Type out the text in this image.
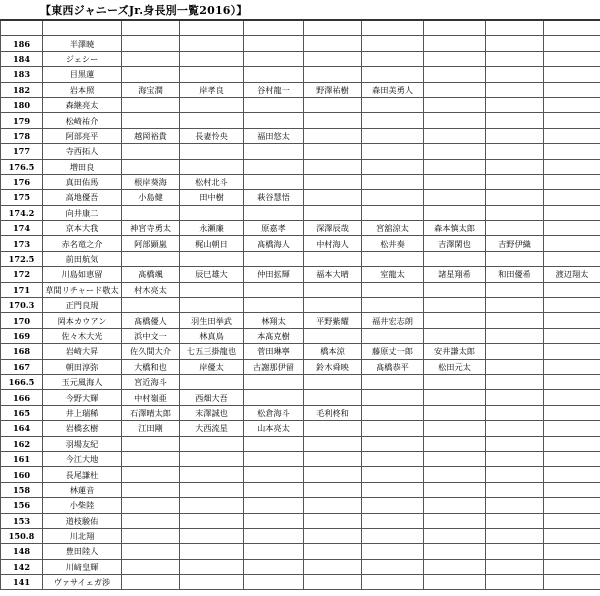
【東西ジャニーズJr.身長別一覧2016）】

186	半澤暁								
184	ジェシー								
183	目黒蓮								
182	岩本照	海宝潤	岸孝良	谷村龍一	野澤祐樹	森田美勇人			
180	森継亮太								
179	松崎祐介								
178	阿部亮平	越岡裕貴	長妻怜央	福田悠太					
177	寺西拓人								
176.5	増田良								
176	真田佑馬	根岸葵海	松村北斗						
175	高地優吾	小島健	田中樹	萩谷慧悟					
174.2	向井康二								
174	京本大我	神宮寺勇太	永瀬廉	原嘉孝	深澤辰哉	宮舘涼太	森本慎太郎		
173	赤名竜之介	阿部顕嵐	梶山朝日	髙橋海人	中村海人	松井奏	吉澤閑也	吉野伊織	
172.5	前田航気								
172	川島如恵留	髙橋颯	辰巳雄大	仲田拡輝	福本大晴	室龍太	諸星翔希	和田優希	渡辺翔太
171	草間リチャード敬太	村木亮太							
170.3	正門良規								
170	岡本カウアン	髙橋優人	羽生田挙武	林翔太	平野紫耀	福井宏志朗			
169	佐々木大光	浜中文一	林真鳥	本髙克樹					
168	岩崎大昇	佐久間大介	七五三掛龍也	菅田琳寧	橋本涼	藤原丈一郎	安井謙太郎		
167	朝田淳弥	大橋和也	岸優太	古謝那伊留	鈴木舜映	髙橋恭平	松田元太		
166.5	玉元風海人	宮近海斗							
166	今野大輝	中村嶺亜	西畑大吾						
165	井上瑞稀	石澤晴太郎	末澤誠也	松倉海斗	毛利柊和				
164	岩橋玄樹	江田剛	大西流星	山本亮太					
162	羽場友紀								
161	今江大地								
160	長尾謙杜								
158	林蓮音								
156	小柴陸								
153	道枝駿佑								
150.8	川北翔								
148	豊田陸人								
142	川﨑皇輝								
141	ヴァサイェガ渉								
